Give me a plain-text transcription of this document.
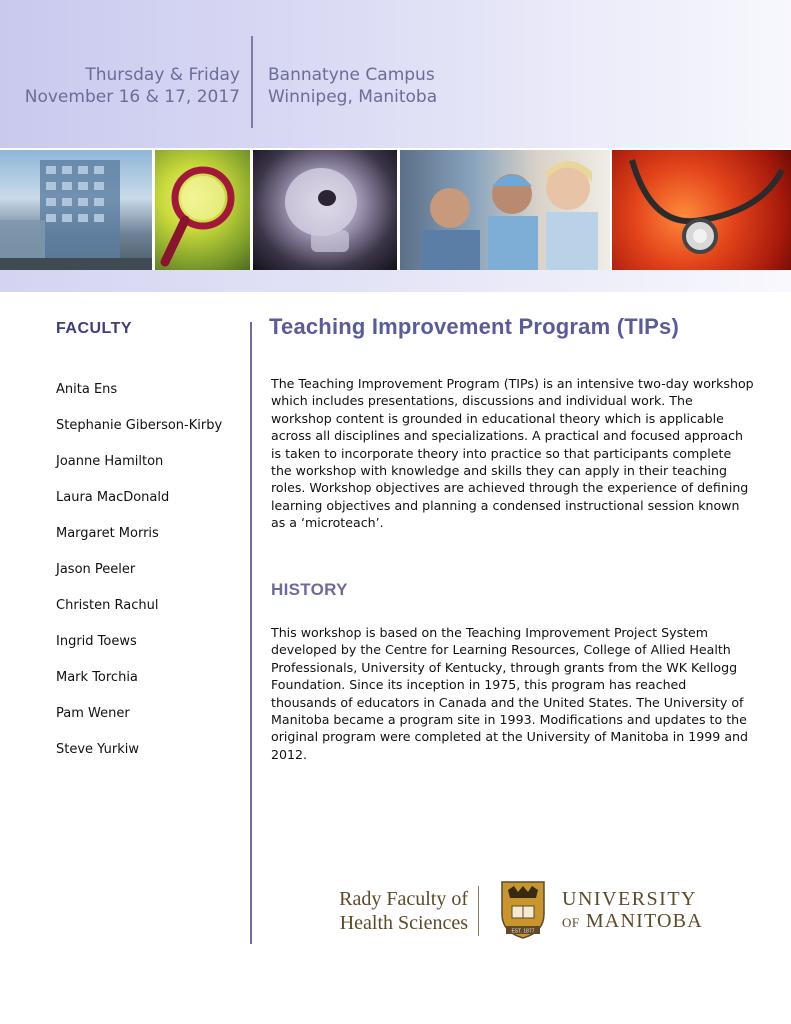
Thursday & Friday
November 16 & 17, 2017
Bannatyne Campus
Winnipeg, Manitoba
FACULTY
Anita Ens
Stephanie Giberson-Kirby
Joanne Hamilton
Laura MacDonald
Margaret Morris
Jason Peeler
Christen Rachul
Ingrid Toews
Mark Torchia
Pam Wener
Steve Yurkiw
Teaching Improvement Program (TIPs)

The Teaching Improvement Program (TIPs) is an intensive two-day workshop which includes presentations, discussions and individual work. The workshop content is grounded in educational theory which is applicable across all disciplines and specializations. A practical and focused approach is taken to incorporate theory into practice so that participants complete the workshop with knowledge and skills they can apply in their teaching roles. Workshop objectives are achieved through the experience of defining learning objectives and planning a condensed instructional session known as a ‘microteach’.

HISTORY

This workshop is based on the Teaching Improvement Project System developed by the Centre for Learning Resources, College of Allied Health Professionals, University of Kentucky, through grants from the WK Kellogg Foundation. Since its inception in 1975, this program has reached thousands of educators in Canada and the United States. The University of Manitoba became a program site in 1993. Modifications and updates to the original program were completed at the University of Manitoba in 1999 and 2012.

Rady Faculty of
Health Sciences	EST. 1877
UNIVERSITY
OF MANITOBA
